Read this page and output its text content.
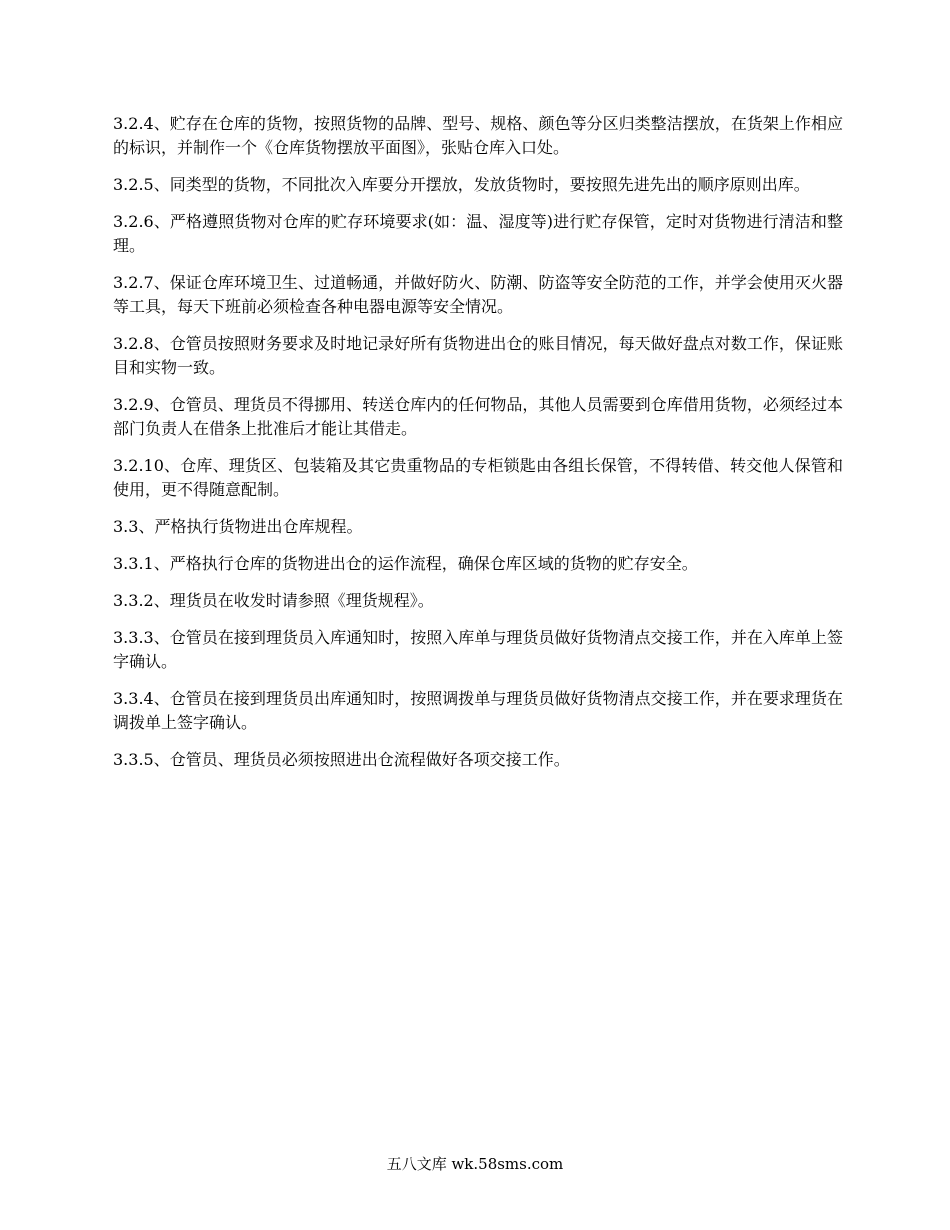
3.2.4、贮存在仓库的货物，按照货物的品牌、型号、规格、颜色等分区归类整洁摆放，在货架上作相应的标识，并制作一个《仓库货物摆放平面图》，张贴仓库入口处。

3.2.5、同类型的货物，不同批次入库要分开摆放，发放货物时，要按照先进先出的顺序原则出库。

3.2.6、严格遵照货物对仓库的贮存环境要求(如：温、湿度等)进行贮存保管，定时对货物进行清洁和整理。

3.2.7、保证仓库环境卫生、过道畅通，并做好防火、防潮、防盗等安全防范的工作，并学会使用灭火器等工具，每天下班前必须检查各种电器电源等安全情况。

3.2.8、仓管员按照财务要求及时地记录好所有货物进出仓的账目情况，每天做好盘点对数工作，保证账目和实物一致。

3.2.9、仓管员、理货员不得挪用、转送仓库内的任何物品，其他人员需要到仓库借用货物，必须经过本部门负责人在借条上批准后才能让其借走。

3.2.10、仓库、理货区、包装箱及其它贵重物品的专柜锁匙由各组长保管，不得转借、转交他人保管和使用，更不得随意配制。

3.3、严格执行货物进出仓库规程。

3.3.1、严格执行仓库的货物进出仓的运作流程，确保仓库区域的货物的贮存安全。

3.3.2、理货员在收发时请参照《理货规程》。

3.3.3、仓管员在接到理货员入库通知时，按照入库单与理货员做好货物清点交接工作，并在入库单上签字确认。

3.3.4、仓管员在接到理货员出库通知时，按照调拨单与理货员做好货物清点交接工作，并在要求理货在调拨单上签字确认。

3.3.5、仓管员、理货员必须按照进出仓流程做好各项交接工作。

五八文库 wk.58sms.com
